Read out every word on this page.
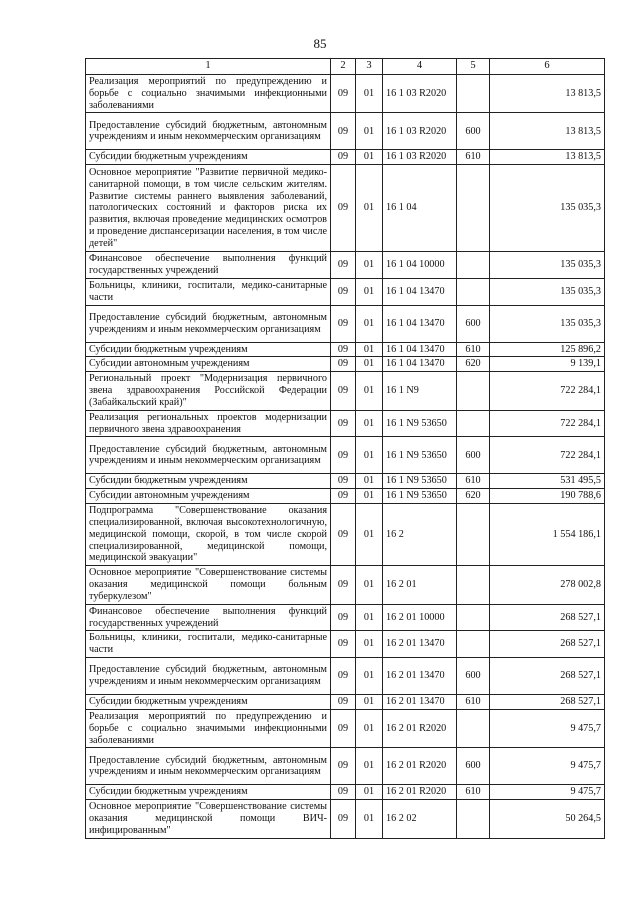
85
1	2	3	4	5	6
Реализация мероприятий по предупреждению и борьбе с социально значимыми инфекционными заболеваниями	09	01	16 1 03 R2020		13 813,5
Предоставление субсидий бюджетным, автономным учреждениям и иным некоммерческим организациям	09	01	16 1 03 R2020	600	13 813,5
Субсидии бюджетным учреждениям	09	01	16 1 03 R2020	610	13 813,5
Основное мероприятие "Развитие первичной медико-санитарной помощи, в том числе сельским жителям. Развитие системы раннего выявления заболеваний, патологических состояний и факторов риска их развития, включая проведение медицинских осмотров и проведение диспансеризации населения, в том числе детей"	09	01	16 1 04		135 035,3
Финансовое обеспечение выполнения функций государственных учреждений	09	01	16 1 04 10000		135 035,3
Больницы, клиники, госпитали, медико-санитарные части	09	01	16 1 04 13470		135 035,3
Предоставление субсидий бюджетным, автономным учреждениям и иным некоммерческим организациям	09	01	16 1 04 13470	600	135 035,3
Субсидии бюджетным учреждениям	09	01	16 1 04 13470	610	125 896,2
Субсидии автономным учреждениям	09	01	16 1 04 13470	620	9 139,1
Региональный проект "Модернизация первичного звена здравоохранения Российской Федерации (Забайкальский край)"	09	01	16 1 N9		722 284,1
Реализация региональных проектов модернизации первичного звена здравоохранения	09	01	16 1 N9 53650		722 284,1
Предоставление субсидий бюджетным, автономным учреждениям и иным некоммерческим организациям	09	01	16 1 N9 53650	600	722 284,1
Субсидии бюджетным учреждениям	09	01	16 1 N9 53650	610	531 495,5
Субсидии автономным учреждениям	09	01	16 1 N9 53650	620	190 788,6
Подпрограмма "Совершенствование оказания специализированной, включая высокотехнологичную, медицинской помощи, скорой, в том числе скорой специализированной, медицинской помощи, медицинской эвакуации"	09	01	16 2		1 554 186,1
Основное мероприятие "Совершенствование системы оказания медицинской помощи больным туберкулезом"	09	01	16 2 01		278 002,8
Финансовое обеспечение выполнения функций государственных учреждений	09	01	16 2 01 10000		268 527,1
Больницы, клиники, госпитали, медико-санитарные части	09	01	16 2 01 13470		268 527,1
Предоставление субсидий бюджетным, автономным учреждениям и иным некоммерческим организациям	09	01	16 2 01 13470	600	268 527,1
Субсидии бюджетным учреждениям	09	01	16 2 01 13470	610	268 527,1
Реализация мероприятий по предупреждению и борьбе с социально значимыми инфекционными заболеваниями	09	01	16 2 01 R2020		9 475,7
Предоставление субсидий бюджетным, автономным учреждениям и иным некоммерческим организациям	09	01	16 2 01 R2020	600	9 475,7
Субсидии бюджетным учреждениям	09	01	16 2 01 R2020	610	9 475,7
Основное мероприятие "Совершенствование системы оказания медицинской помощи ВИЧ-инфицированным"	09	01	16 2 02		50 264,5
